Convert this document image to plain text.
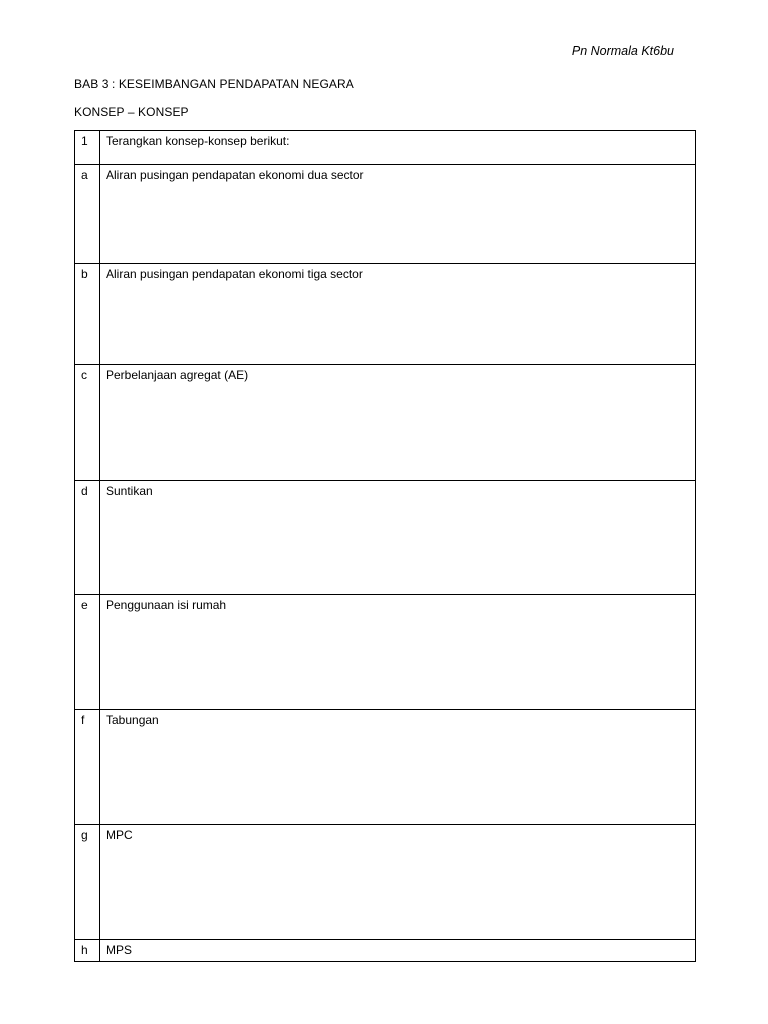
Pn Normala Kt6bu
BAB 3 : KESEIMBANGAN PENDAPATAN NEGARA
KONSEP – KONSEP
1	Terangkan konsep-konsep berikut:
a	Aliran pusingan pendapatan ekonomi dua sector
b	Aliran pusingan pendapatan ekonomi tiga sector
c	Perbelanjaan agregat (AE)
d	Suntikan
e	Penggunaan isi rumah
f	Tabungan
g	MPC
h	MPS
